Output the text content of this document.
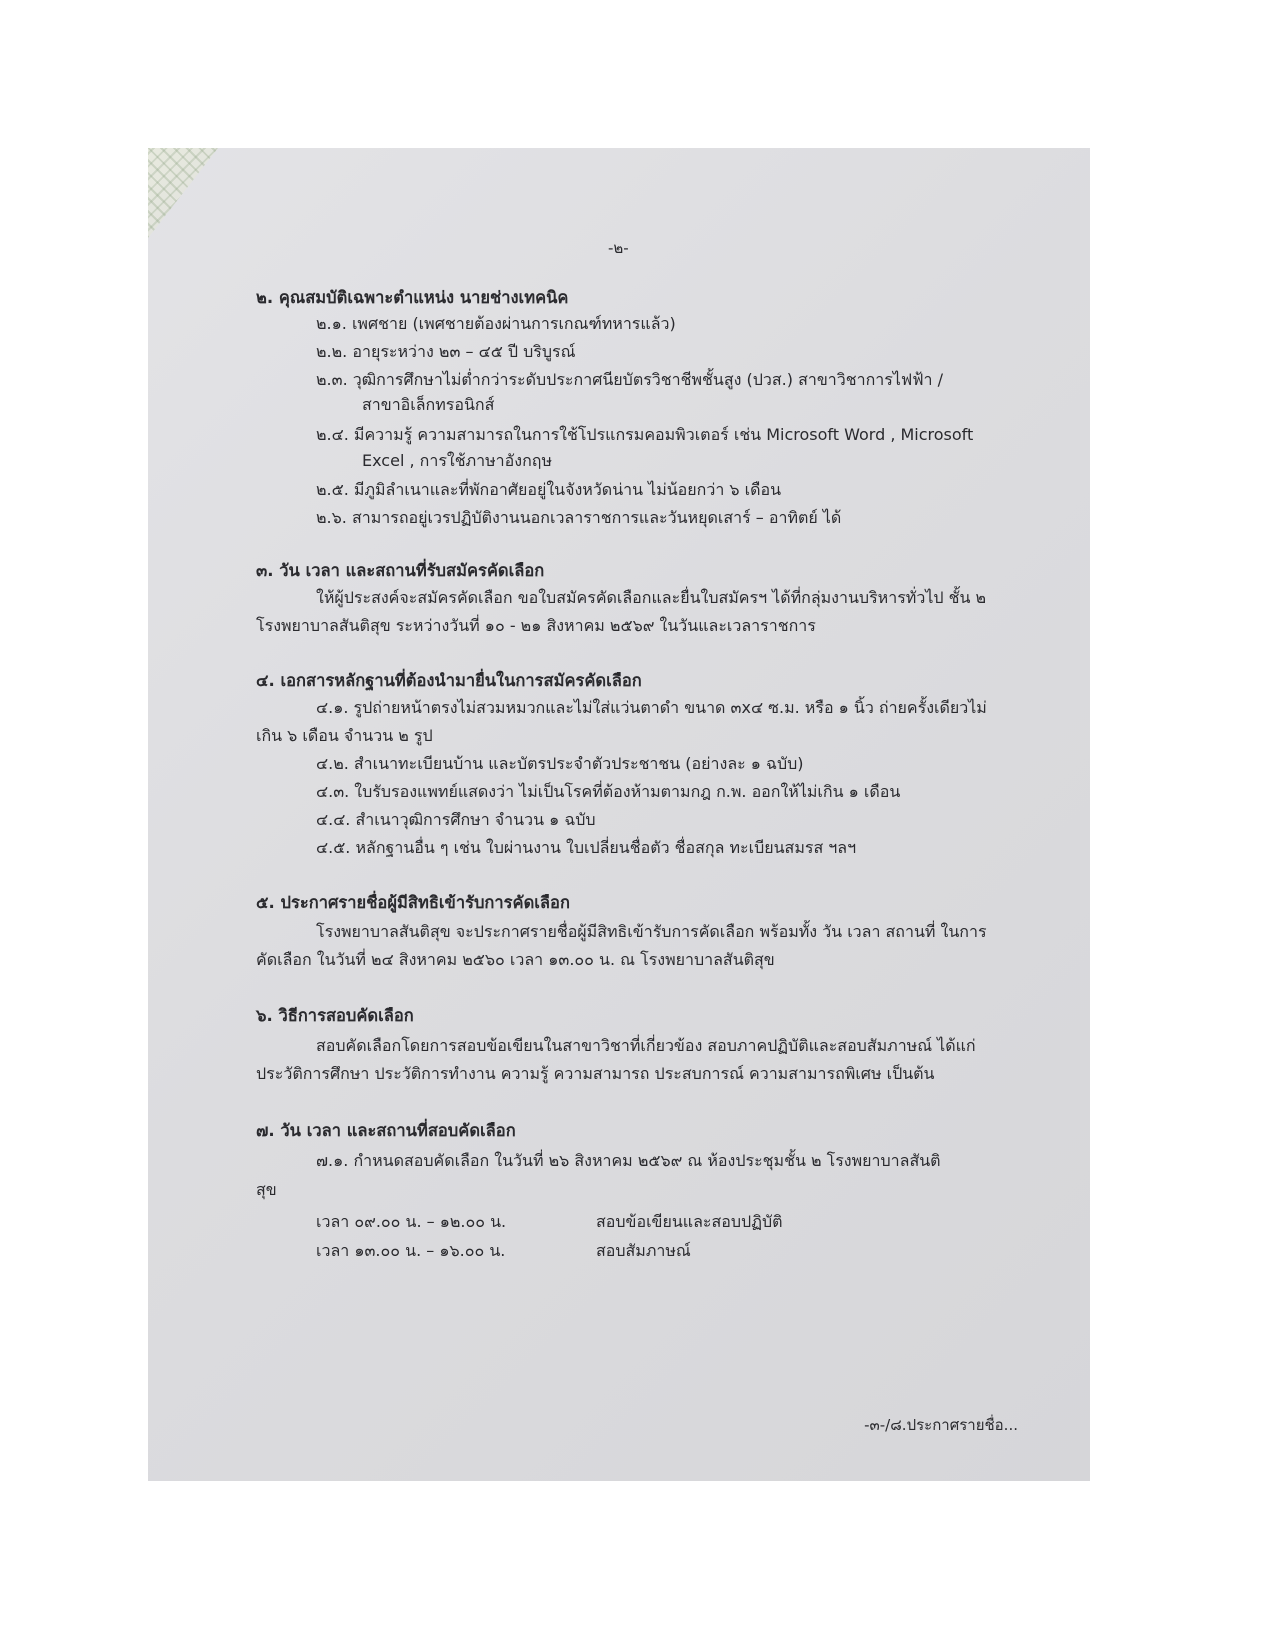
-๒-
๒. คุณสมบัติเฉพาะตำแหน่ง นายช่างเทคนิค
๒.๑. เพศชาย (เพศชายต้องผ่านการเกณฑ์ทหารแล้ว)
๒.๒. อายุระหว่าง ๒๓ – ๔๕ ปี บริบูรณ์
๒.๓. วุฒิการศึกษาไม่ต่ำกว่าระดับประกาศนียบัตรวิชาชีพชั้นสูง (ปวส.) สาขาวิชาการไฟฟ้า /
สาขาอิเล็กทรอนิกส์
๒.๔. มีความรู้ ความสามารถในการใช้โปรแกรมคอมพิวเตอร์ เช่น Microsoft Word , Microsoft
Excel , การใช้ภาษาอังกฤษ
๒.๕. มีภูมิลำเนาและที่พักอาศัยอยู่ในจังหวัดน่าน ไม่น้อยกว่า ๖ เดือน
๒.๖. สามารถอยู่เวรปฏิบัติงานนอกเวลาราชการและวันหยุดเสาร์ – อาทิตย์ ได้
๓. วัน เวลา และสถานที่รับสมัครคัดเลือก
ให้ผู้ประสงค์จะสมัครคัดเลือก ขอใบสมัครคัดเลือกและยื่นใบสมัครฯ ได้ที่กลุ่มงานบริหารทั่วไป ชั้น ๒
โรงพยาบาลสันติสุข ระหว่างวันที่ ๑๐ - ๒๑ สิงหาคม ๒๕๖๙ ในวันและเวลาราชการ
๔. เอกสารหลักฐานที่ต้องนำมายื่นในการสมัครคัดเลือก
๔.๑. รูปถ่ายหน้าตรงไม่สวมหมวกและไม่ใส่แว่นตาดำ ขนาด ๓x๔ ซ.ม. หรือ ๑ นิ้ว ถ่ายครั้งเดียวไม่
เกิน ๖ เดือน จำนวน ๒ รูป
๔.๒. สำเนาทะเบียนบ้าน และบัตรประจำตัวประชาชน (อย่างละ ๑ ฉบับ)
๔.๓. ใบรับรองแพทย์แสดงว่า ไม่เป็นโรคที่ต้องห้ามตามกฎ ก.พ. ออกให้ไม่เกิน ๑ เดือน
๔.๔. สำเนาวุฒิการศึกษา จำนวน ๑ ฉบับ
๔.๕. หลักฐานอื่น ๆ เช่น ใบผ่านงาน ใบเปลี่ยนชื่อตัว ชื่อสกุล ทะเบียนสมรส ฯลฯ
๕. ประกาศรายชื่อผู้มีสิทธิเข้ารับการคัดเลือก
โรงพยาบาลสันติสุข จะประกาศรายชื่อผู้มีสิทธิเข้ารับการคัดเลือก พร้อมทั้ง วัน เวลา สถานที่ ในการ
คัดเลือก ในวันที่ ๒๔ สิงหาคม ๒๕๖๐ เวลา ๑๓.๐๐ น. ณ โรงพยาบาลสันติสุข
๖. วิธีการสอบคัดเลือก
สอบคัดเลือกโดยการสอบข้อเขียนในสาขาวิชาที่เกี่ยวข้อง สอบภาคปฏิบัติและสอบสัมภาษณ์ ได้แก่
ประวัติการศึกษา ประวัติการทำงาน ความรู้ ความสามารถ ประสบการณ์ ความสามารถพิเศษ เป็นต้น
๗. วัน เวลา และสถานที่สอบคัดเลือก
๗.๑. กำหนดสอบคัดเลือก ในวันที่ ๒๖ สิงหาคม ๒๕๖๙ ณ ห้องประชุมชั้น ๒ โรงพยาบาลสันติ
สุข
เวลา ๐๙.๐๐ น. – ๑๒.๐๐ น.	สอบข้อเขียนและสอบปฏิบัติ
เวลา ๑๓.๐๐ น. – ๑๖.๐๐ น.	สอบสัมภาษณ์
-๓-/๘.ประกาศรายชื่อ...
